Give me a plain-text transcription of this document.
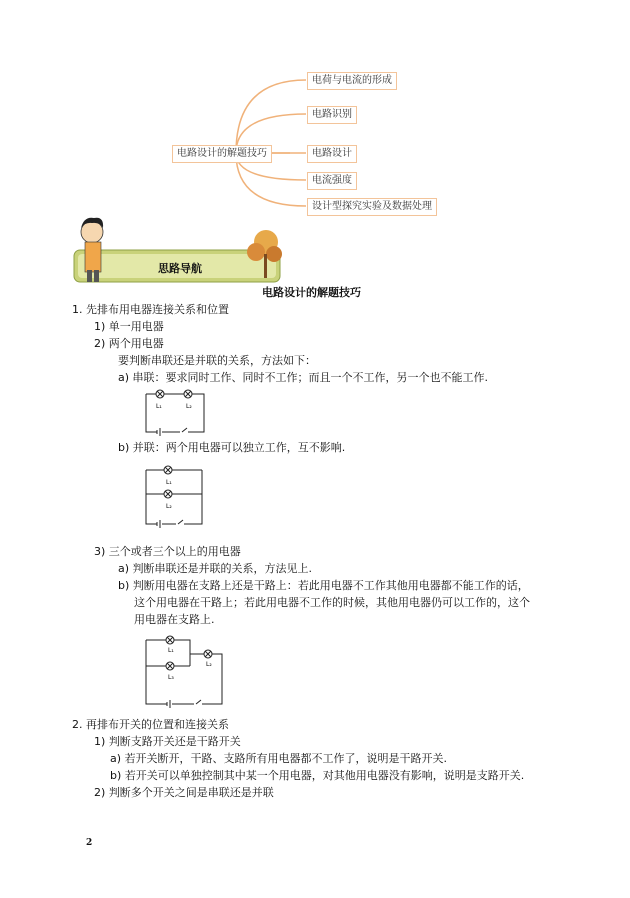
电路设计的解题技巧
电荷与电流的形成
电路识别
电路设计
电流强度
设计型探究实验及数据处理
思路导航
电路设计的解题技巧
1. 先排布用电器连接关系和位置
1) 单一用电器
2) 两个用电器
要判断串联还是并联的关系，方法如下：
a) 串联：要求同时工作、同时不工作；而且一个不工作，另一个也不能工作.
L₁	L₂
b) 并联：两个用电器可以独立工作，互不影响.
L₁
L₂
3) 三个或者三个以上的用电器
a) 判断串联还是并联的关系，方法见上.
b) 判断用电器在支路上还是干路上：若此用电器不工作其他用电器都不能工作的话，
这个用电器在干路上；若此用电器不工作的时候，其他用电器仍可以工作的，这个
用电器在支路上.
L₁
L₂
L₃
2. 再排布开关的位置和连接关系
1) 判断支路开关还是干路开关
a) 若开关断开，干路、支路所有用电器都不工作了，说明是干路开关.
b) 若开关可以单独控制其中某一个用电器，对其他用电器没有影响，说明是支路开关.
2) 判断多个开关之间是串联还是并联
2
